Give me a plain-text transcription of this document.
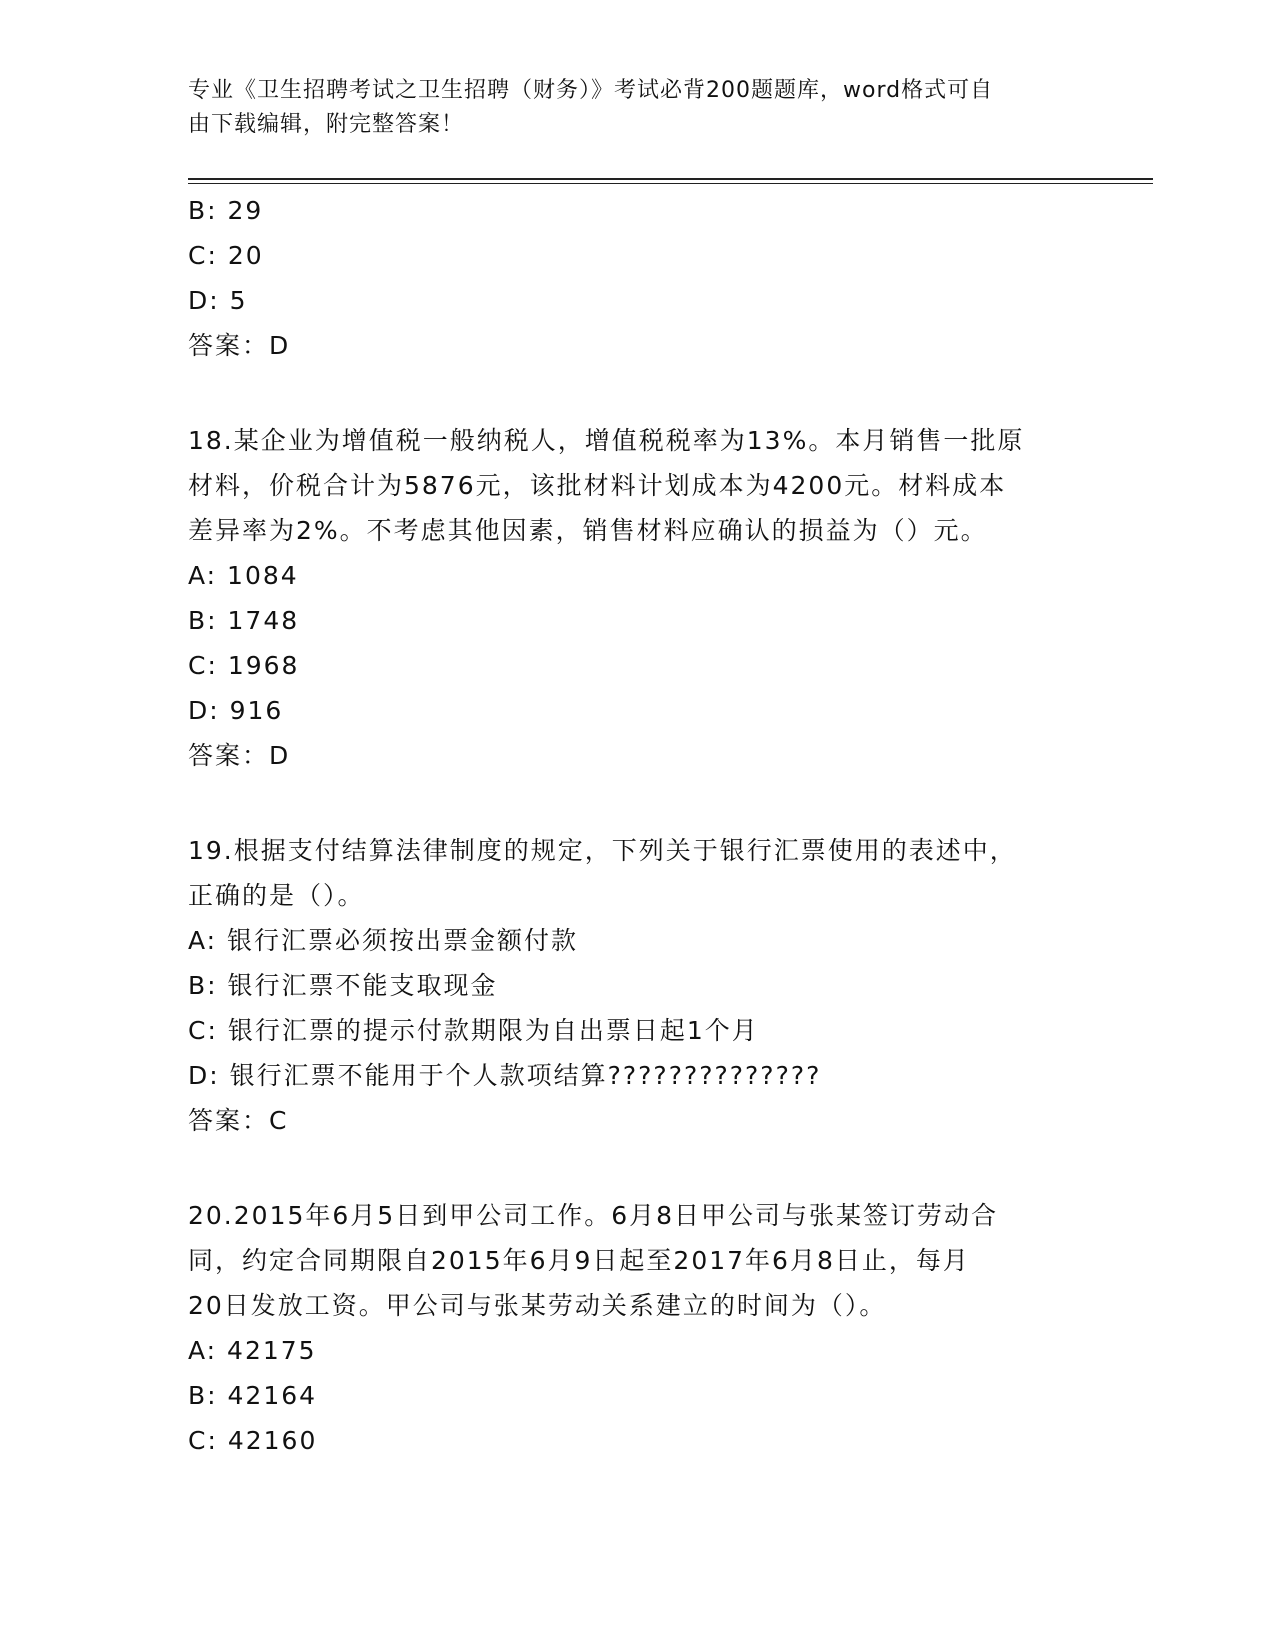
专业《卫生招聘考试之卫生招聘（财务）》考试必背200题题库，word格式可自
由下载编辑，附完整答案！
B: 29
C: 20
D: 5
答案：D
18.某企业为增值税一般纳税人，增值税税率为13%。本月销售一批原
材料，价税合计为5876元，该批材料计划成本为4200元。材料成本
差异率为2%。不考虑其他因素，销售材料应确认的损益为（）元。
A: 1084
B: 1748
C: 1968
D: 916
答案：D
19.根据支付结算法律制度的规定，下列关于银行汇票使用的表述中，
正确的是（）。
A: 银行汇票必须按出票金额付款
B: 银行汇票不能支取现金
C: 银行汇票的提示付款期限为自出票日起1个月
D: 银行汇票不能用于个人款项结算??????????????
答案：C
20.2015年6月5日到甲公司工作。6月8日甲公司与张某签订劳动合
同，约定合同期限自2015年6月9日起至2017年6月8日止，每月
20日发放工资。甲公司与张某劳动关系建立的时间为（）。
A: 42175
B: 42164
C: 42160
